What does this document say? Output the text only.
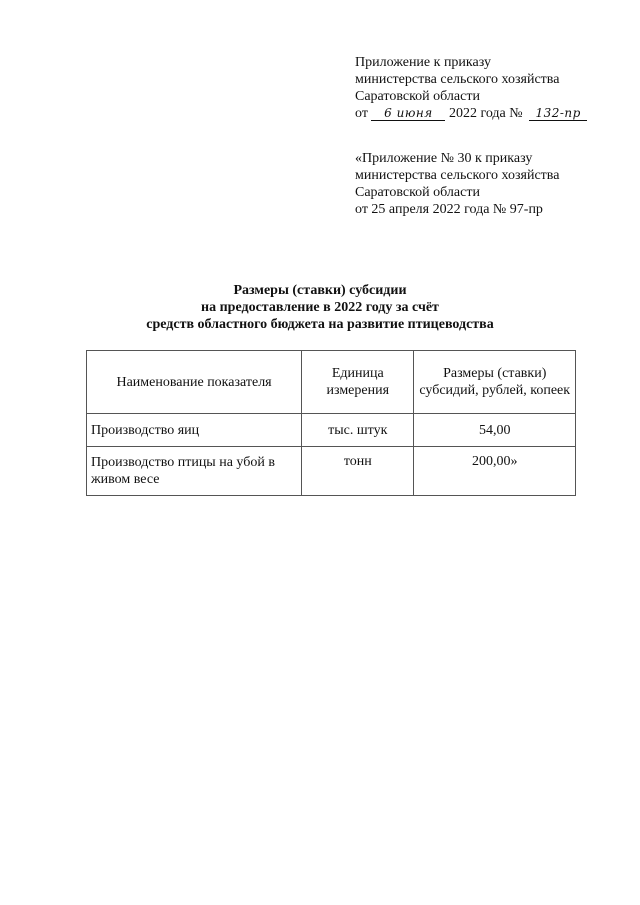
Приложение к приказу
министерства сельского хозяйства
Саратовской области
от 6 июня 2022 года № 132-пр
«Приложение № 30 к приказу
министерства сельского хозяйства
Саратовской области
от 25 апреля 2022 года № 97-пр
Размеры (ставки) субсидии
на предоставление в 2022 году за счёт
средств областного бюджета на развитие птицеводства
Наименование показателя	Единица измерения	Размеры (ставки) субсидий, рублей, копеек
Производство яиц	тыс. штук	54,00
Производство птицы на убой в живом весе	тонн	200,00»
